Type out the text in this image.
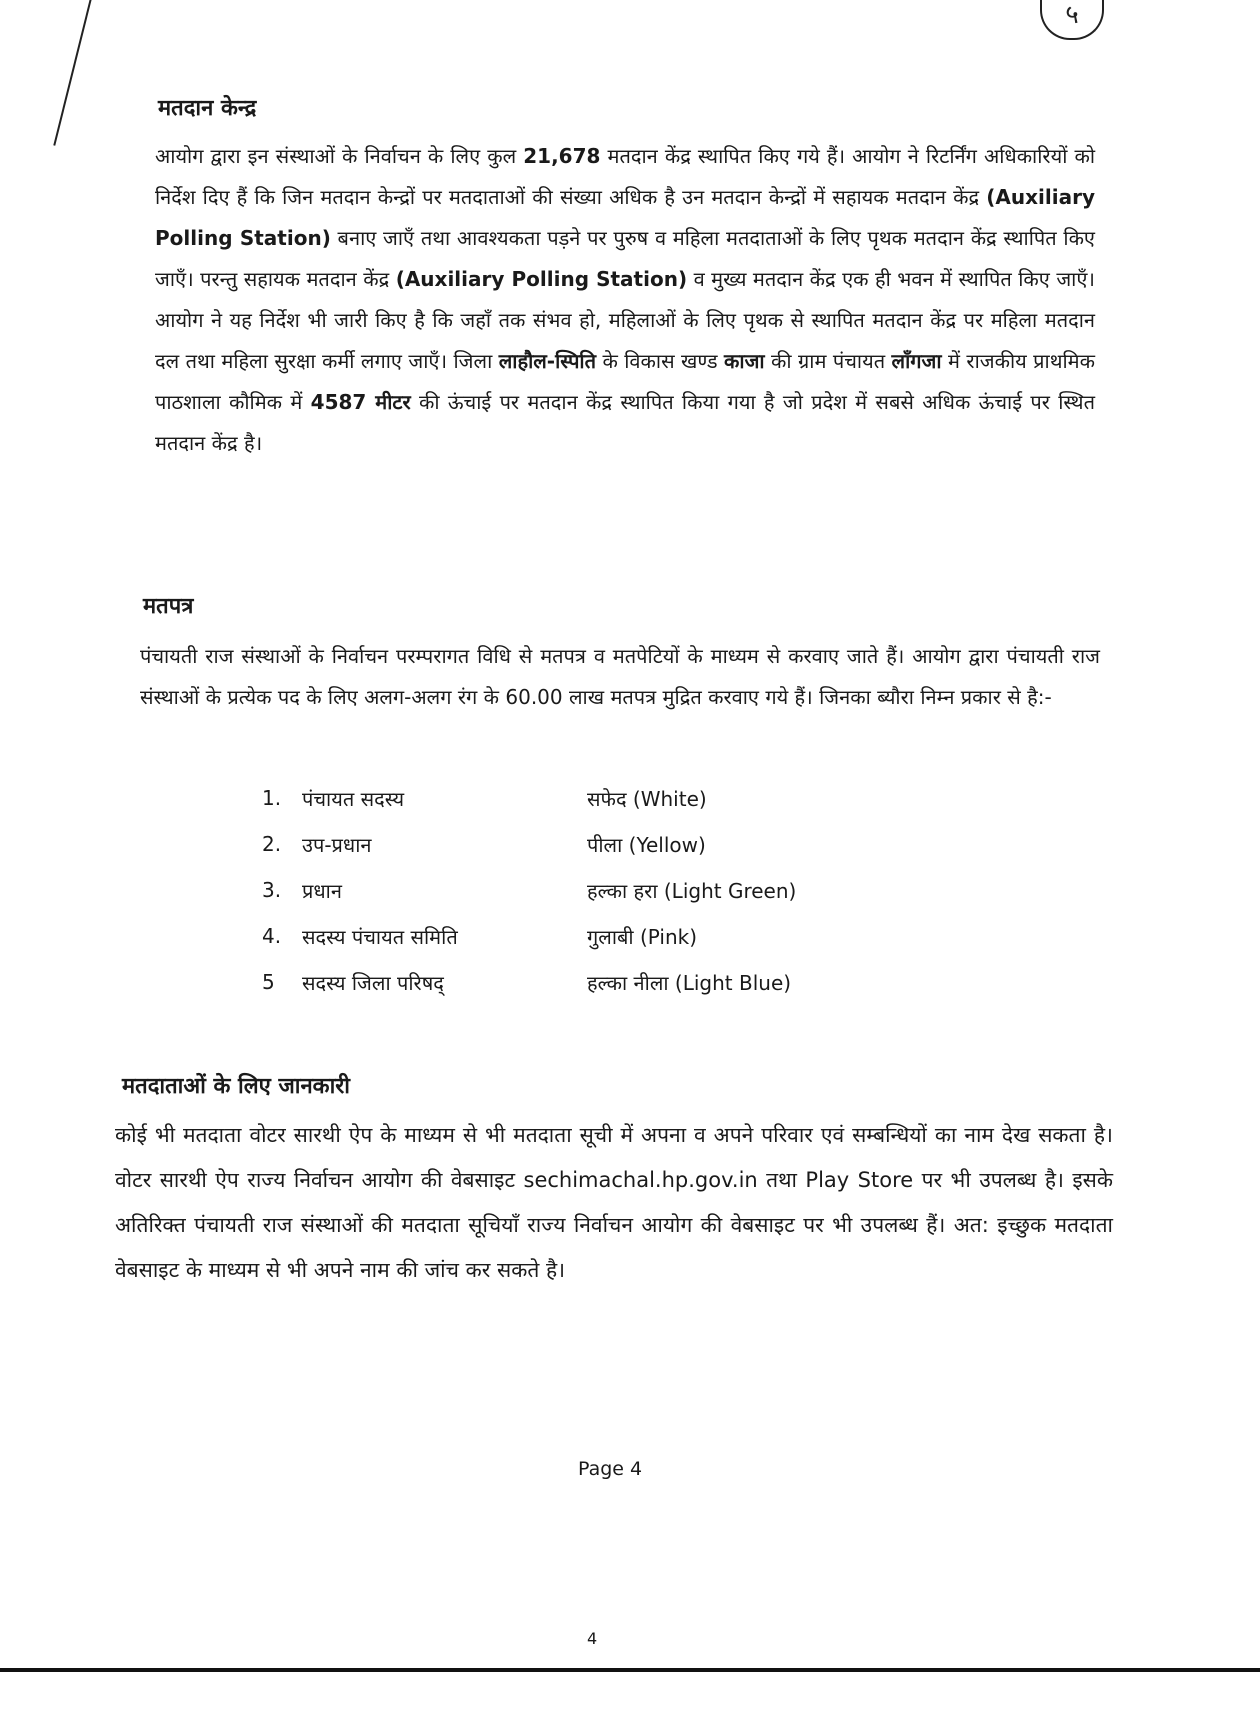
५
मतदान केन्द्र
आयोग द्वारा इन संस्थाओं के निर्वाचन के लिए कुल 21,678 मतदान केंद्र स्थापित किए गये हैं। आयोग ने रिटर्निंग अधिकारियों को निर्देश दिए हैं कि जिन मतदान केन्द्रों पर मतदाताओं की संख्या अधिक है उन मतदान केन्द्रों में सहायक मतदान केंद्र (Auxiliary Polling Station) बनाए जाएँ तथा आवश्यकता पड़ने पर पुरुष व महिला मतदाताओं के लिए पृथक मतदान केंद्र स्थापित किए जाएँ। परन्तु सहायक मतदान केंद्र (Auxiliary Polling Station) व मुख्य मतदान केंद्र एक ही भवन में स्थापित किए जाएँ। आयोग ने यह निर्देश भी जारी किए है कि जहाँ तक संभव हो, महिलाओं के लिए पृथक से स्थापित मतदान केंद्र पर महिला मतदान दल तथा महिला सुरक्षा कर्मी लगाए जाएँ। जिला लाहौल-स्पिति के विकास खण्ड काजा की ग्राम पंचायत लाँगजा में राजकीय प्राथमिक पाठशाला कौमिक में 4587 मीटर की ऊंचाई पर मतदान केंद्र स्थापित किया गया है जो प्रदेश में सबसे अधिक ऊंचाई पर स्थित मतदान केंद्र है।
मतपत्र
पंचायती राज संस्थाओं के निर्वाचन परम्परागत विधि से मतपत्र व मतपेटियों के माध्यम से करवाए जाते हैं। आयोग द्वारा पंचायती राज संस्थाओं के प्रत्येक पद के लिए अलग-अलग रंग के 60.00 लाख मतपत्र मुद्रित करवाए गये हैं। जिनका ब्यौरा निम्न प्रकार से है:-
1.	पंचायत सदस्य	सफेद (White)
2.	उप-प्रधान	पीला (Yellow)
3.	प्रधान	हल्का हरा (Light Green)
4.	सदस्य पंचायत समिति	गुलाबी (Pink)
5	सदस्य जिला परिषद्	हल्का नीला (Light Blue)
मतदाताओं के लिए जानकारी
कोई भी मतदाता वोटर सारथी ऐप के माध्यम से भी मतदाता सूची में अपना व अपने परिवार एवं सम्बन्धियों का नाम देख सकता है। वोटर सारथी ऐप राज्य निर्वाचन आयोग की वेबसाइट sechimachal.hp.gov.in तथा Play Store पर भी उपलब्ध है। इसके अतिरिक्त पंचायती राज संस्थाओं की मतदाता सूचियाँ राज्य निर्वाचन आयोग की वेबसाइट पर भी उपलब्ध हैं। अत: इच्छुक मतदाता वेबसाइट के माध्यम से भी अपने नाम की जांच कर सकते है।
Page 4
4
